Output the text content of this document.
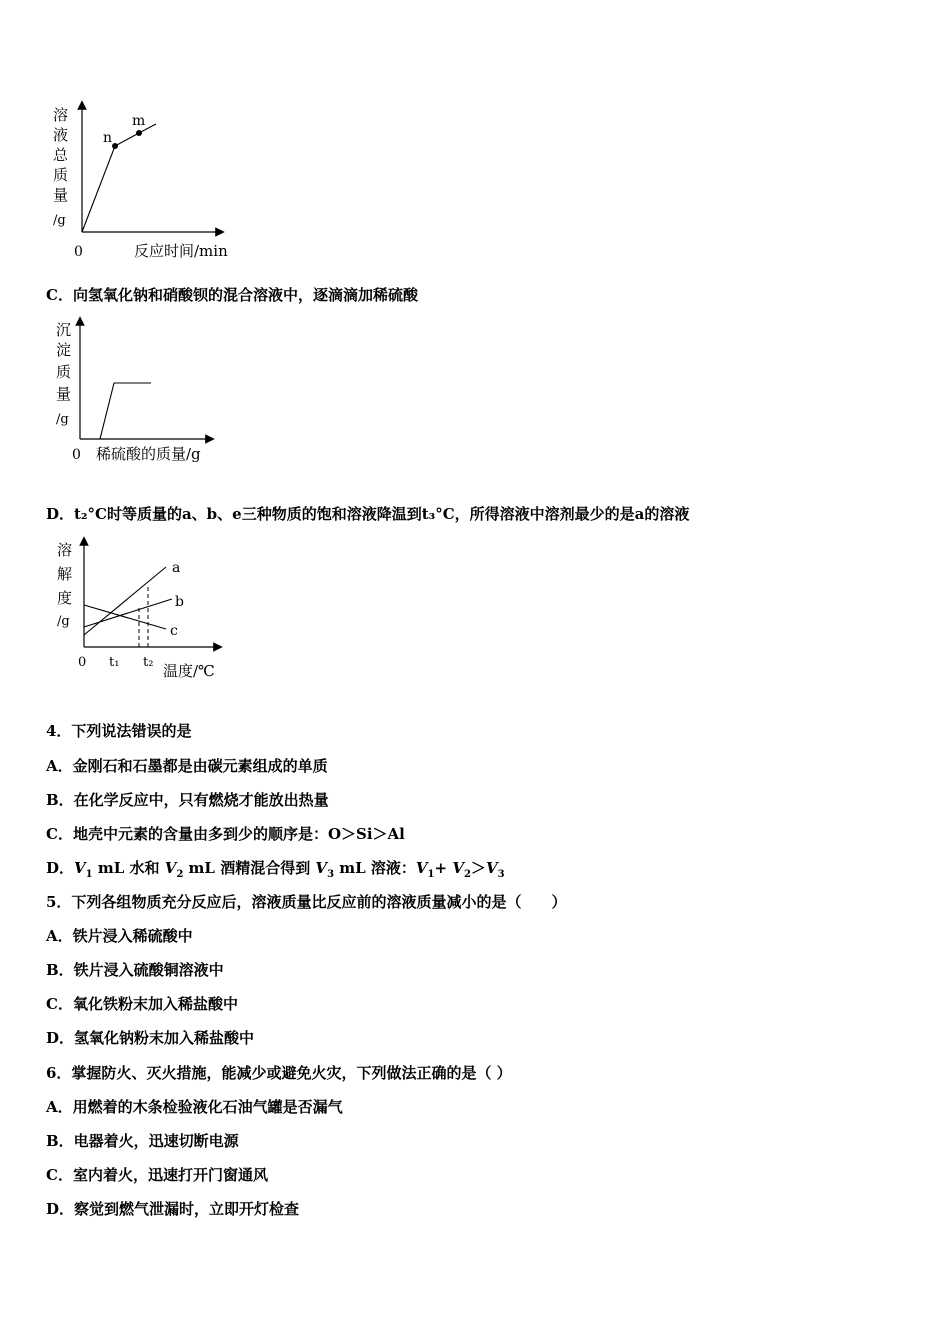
溶
液
总
质
量
/g
n
m
0	反应时间/min
C．向氢氧化钠和硝酸钡的混合溶液中，逐滴滴加稀硫酸
沉
淀
质
量
/g
0 稀硫酸的质量/g
D．t₂°C时等质量的a、b、e三种物质的饱和溶液降温到t₃°C，所得溶液中溶剂最少的是a的溶液
溶
解
度
/g
a
b
c
0 t₁ t₂ 温度/℃
4．下列说法错误的是
A．金刚石和石墨都是由碳元素组成的单质
B．在化学反应中，只有燃烧才能放出热量
C．地壳中元素的含量由多到少的顺序是：O＞Si＞Al
D．$V_1$ mL 水和 $V_2$ mL 酒精混合得到 $V_3$ mL 溶液：$V_1+ V_2>V_3$
5．下列各组物质充分反应后，溶液质量比反应前的溶液质量减小的是（　　）
A．铁片浸入稀硫酸中
B．铁片浸入硫酸铜溶液中
C．氧化铁粉末加入稀盐酸中
D．氢氧化钠粉末加入稀盐酸中
6．掌握防火、灭火措施，能减少或避免火灾，下列做法正确的是（ ）
A．用燃着的木条检验液化石油气罐是否漏气
B．电器着火，迅速切断电源
C．室内着火，迅速打开门窗通风
D．察觉到燃气泄漏时，立即开灯检查
